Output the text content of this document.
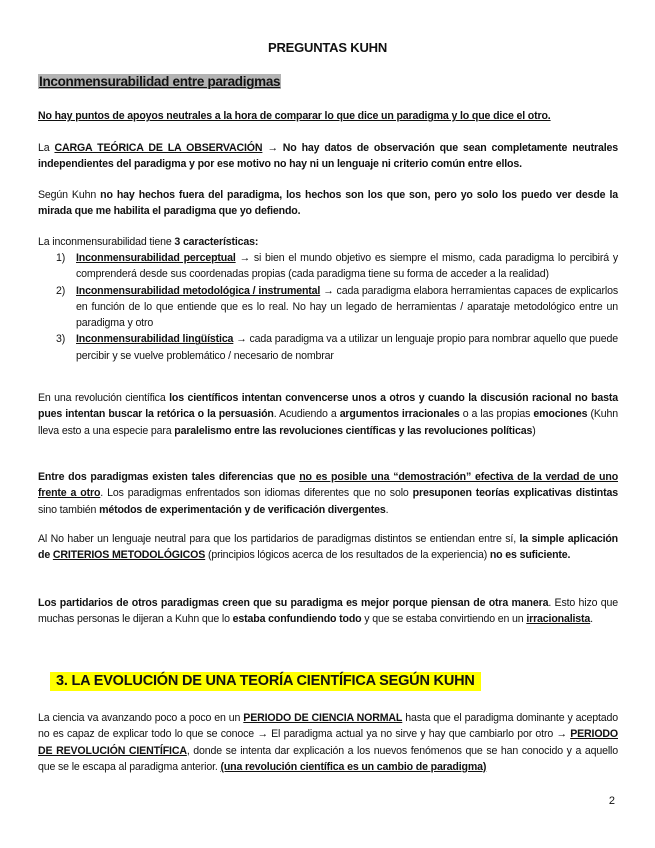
PREGUNTAS KUHN
Inconmensurabilidad entre paradigmas
No hay puntos de apoyos neutrales a la hora de comparar lo que dice un paradigma y lo que dice el otro.
La CARGA TEÓRICA DE LA OBSERVACIÓN → No hay datos de observación que sean completamente neutrales independientes del paradigma y por ese motivo no hay ni un lenguaje ni criterio común entre ellos.
Según Kuhn no hay hechos fuera del paradigma, los hechos son los que son, pero yo solo los puedo ver desde la mirada que me habilita el paradigma que yo defiendo.
La inconmensurabilidad tiene 3 características:
1) Inconmensurabilidad perceptual → si bien el mundo objetivo es siempre el mismo, cada paradigma lo percibirá y comprenderá desde sus coordenadas propias (cada paradigma tiene su forma de acceder a la realidad)
2) Inconmensurabilidad metodológica / instrumental → cada paradigma elabora herramientas capaces de explicarlos en función de lo que entiende que es lo real. No hay un legado de herramientas / aparataje metodológico entre un paradigma y otro
3) Inconmensurabilidad lingüística → cada paradigma va a utilizar un lenguaje propio para nombrar aquello que puede percibir y se vuelve problemático / necesario de nombrar
En una revolución científica los científicos intentan convencerse unos a otros y cuando la discusión racional no basta pues intentan buscar la retórica o la persuasión. Acudiendo a argumentos irracionales o a las propias emociones (Kuhn lleva esto a una especie para paralelismo entre las revoluciones científicas y las revoluciones políticas)
Entre dos paradigmas existen tales diferencias que no es posible una “demostración” efectiva de la verdad de uno frente a otro. Los paradigmas enfrentados son idiomas diferentes que no solo presuponen teorías explicativas distintas sino también métodos de experimentación y de verificación divergentes.
Al No haber un lenguaje neutral para que los partidarios de paradigmas distintos se entiendan entre sí, la simple aplicación de CRITERIOS METODOLÓGICOS (principios lógicos acerca de los resultados de la experiencia) no es suficiente.
Los partidarios de otros paradigmas creen que su paradigma es mejor porque piensan de otra manera. Esto hizo que muchas personas le dijeran a Kuhn que lo estaba confundiendo todo y que se estaba convirtiendo en un irracionalista.
3. LA EVOLUCIÓN DE UNA TEORÍA CIENTÍFICA SEGÚN KUHN
La ciencia va avanzando poco a poco en un PERIODO DE CIENCIA NORMAL hasta que el paradigma dominante y aceptado no es capaz de explicar todo lo que se conoce → El paradigma actual ya no sirve y hay que cambiarlo por otro → PERIODO DE REVOLUCIÓN CIENTÍFICA, donde se intenta dar explicación a los nuevos fenómenos que se han conocido y a aquello que se le escapa al paradigma anterior. (una revolución científica es un cambio de paradigma)
2
